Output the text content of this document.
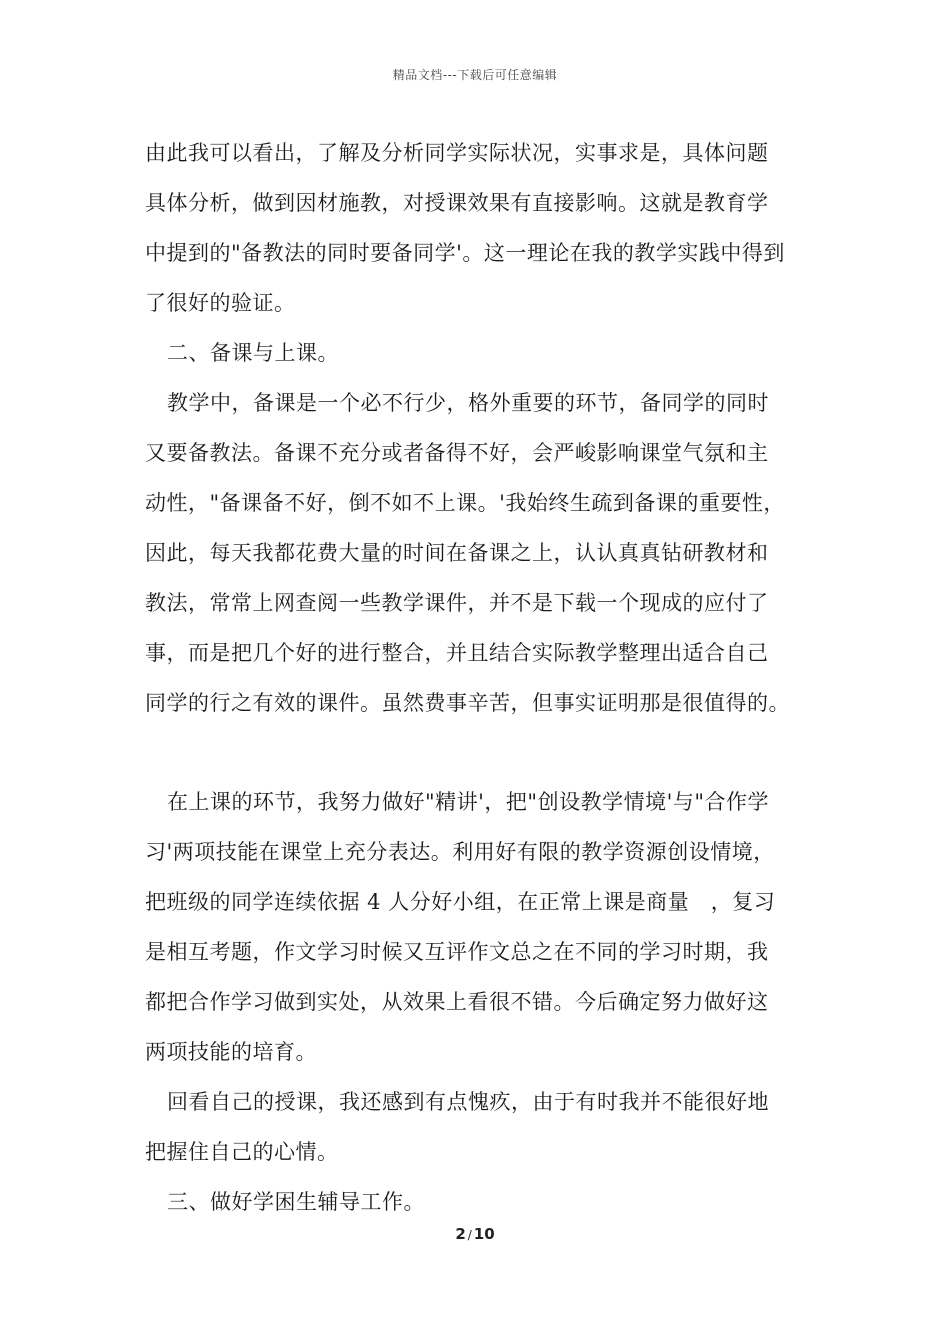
精品文档---下载后可任意编辑
由此我可以看出，了解及分析同学实际状况，实事求是，具体问题
具体分析，做到因材施教，对授课效果有直接影响。这就是教育学
中提到的"备教法的同时要备同学'。这一理论在我的教学实践中得到
了很好的验证。
二、备课与上课。
教学中，备课是一个必不行少，格外重要的环节，备同学的同时
又要备教法。备课不充分或者备得不好，会严峻影响课堂气氛和主
动性，"备课备不好，倒不如不上课。'我始终生疏到备课的重要性，
因此，每天我都花费大量的时间在备课之上，认认真真钻研教材和
教法，常常上网查阅一些教学课件，并不是下载一个现成的应付了
事，而是把几个好的进行整合，并且结合实际教学整理出适合自己
同学的行之有效的课件。虽然费事辛苦，但事实证明那是很值得的。
在上课的环节，我努力做好"精讲'，把"创设教学情境'与"合作学
习'两项技能在课堂上充分表达。利用好有限的教学资源创设情境，
把班级的同学连续依据 4 人分好小组，在正常上课是商量　，复习
是相互考题，作文学习时候又互评作文总之在不同的学习时期，我
都把合作学习做到实处，从效果上看很不错。今后确定努力做好这
两项技能的培育。
回看自己的授课，我还感到有点愧疚，由于有时我并不能很好地
把握住自己的心情。
三、做好学困生辅导工作。
2 / 10
